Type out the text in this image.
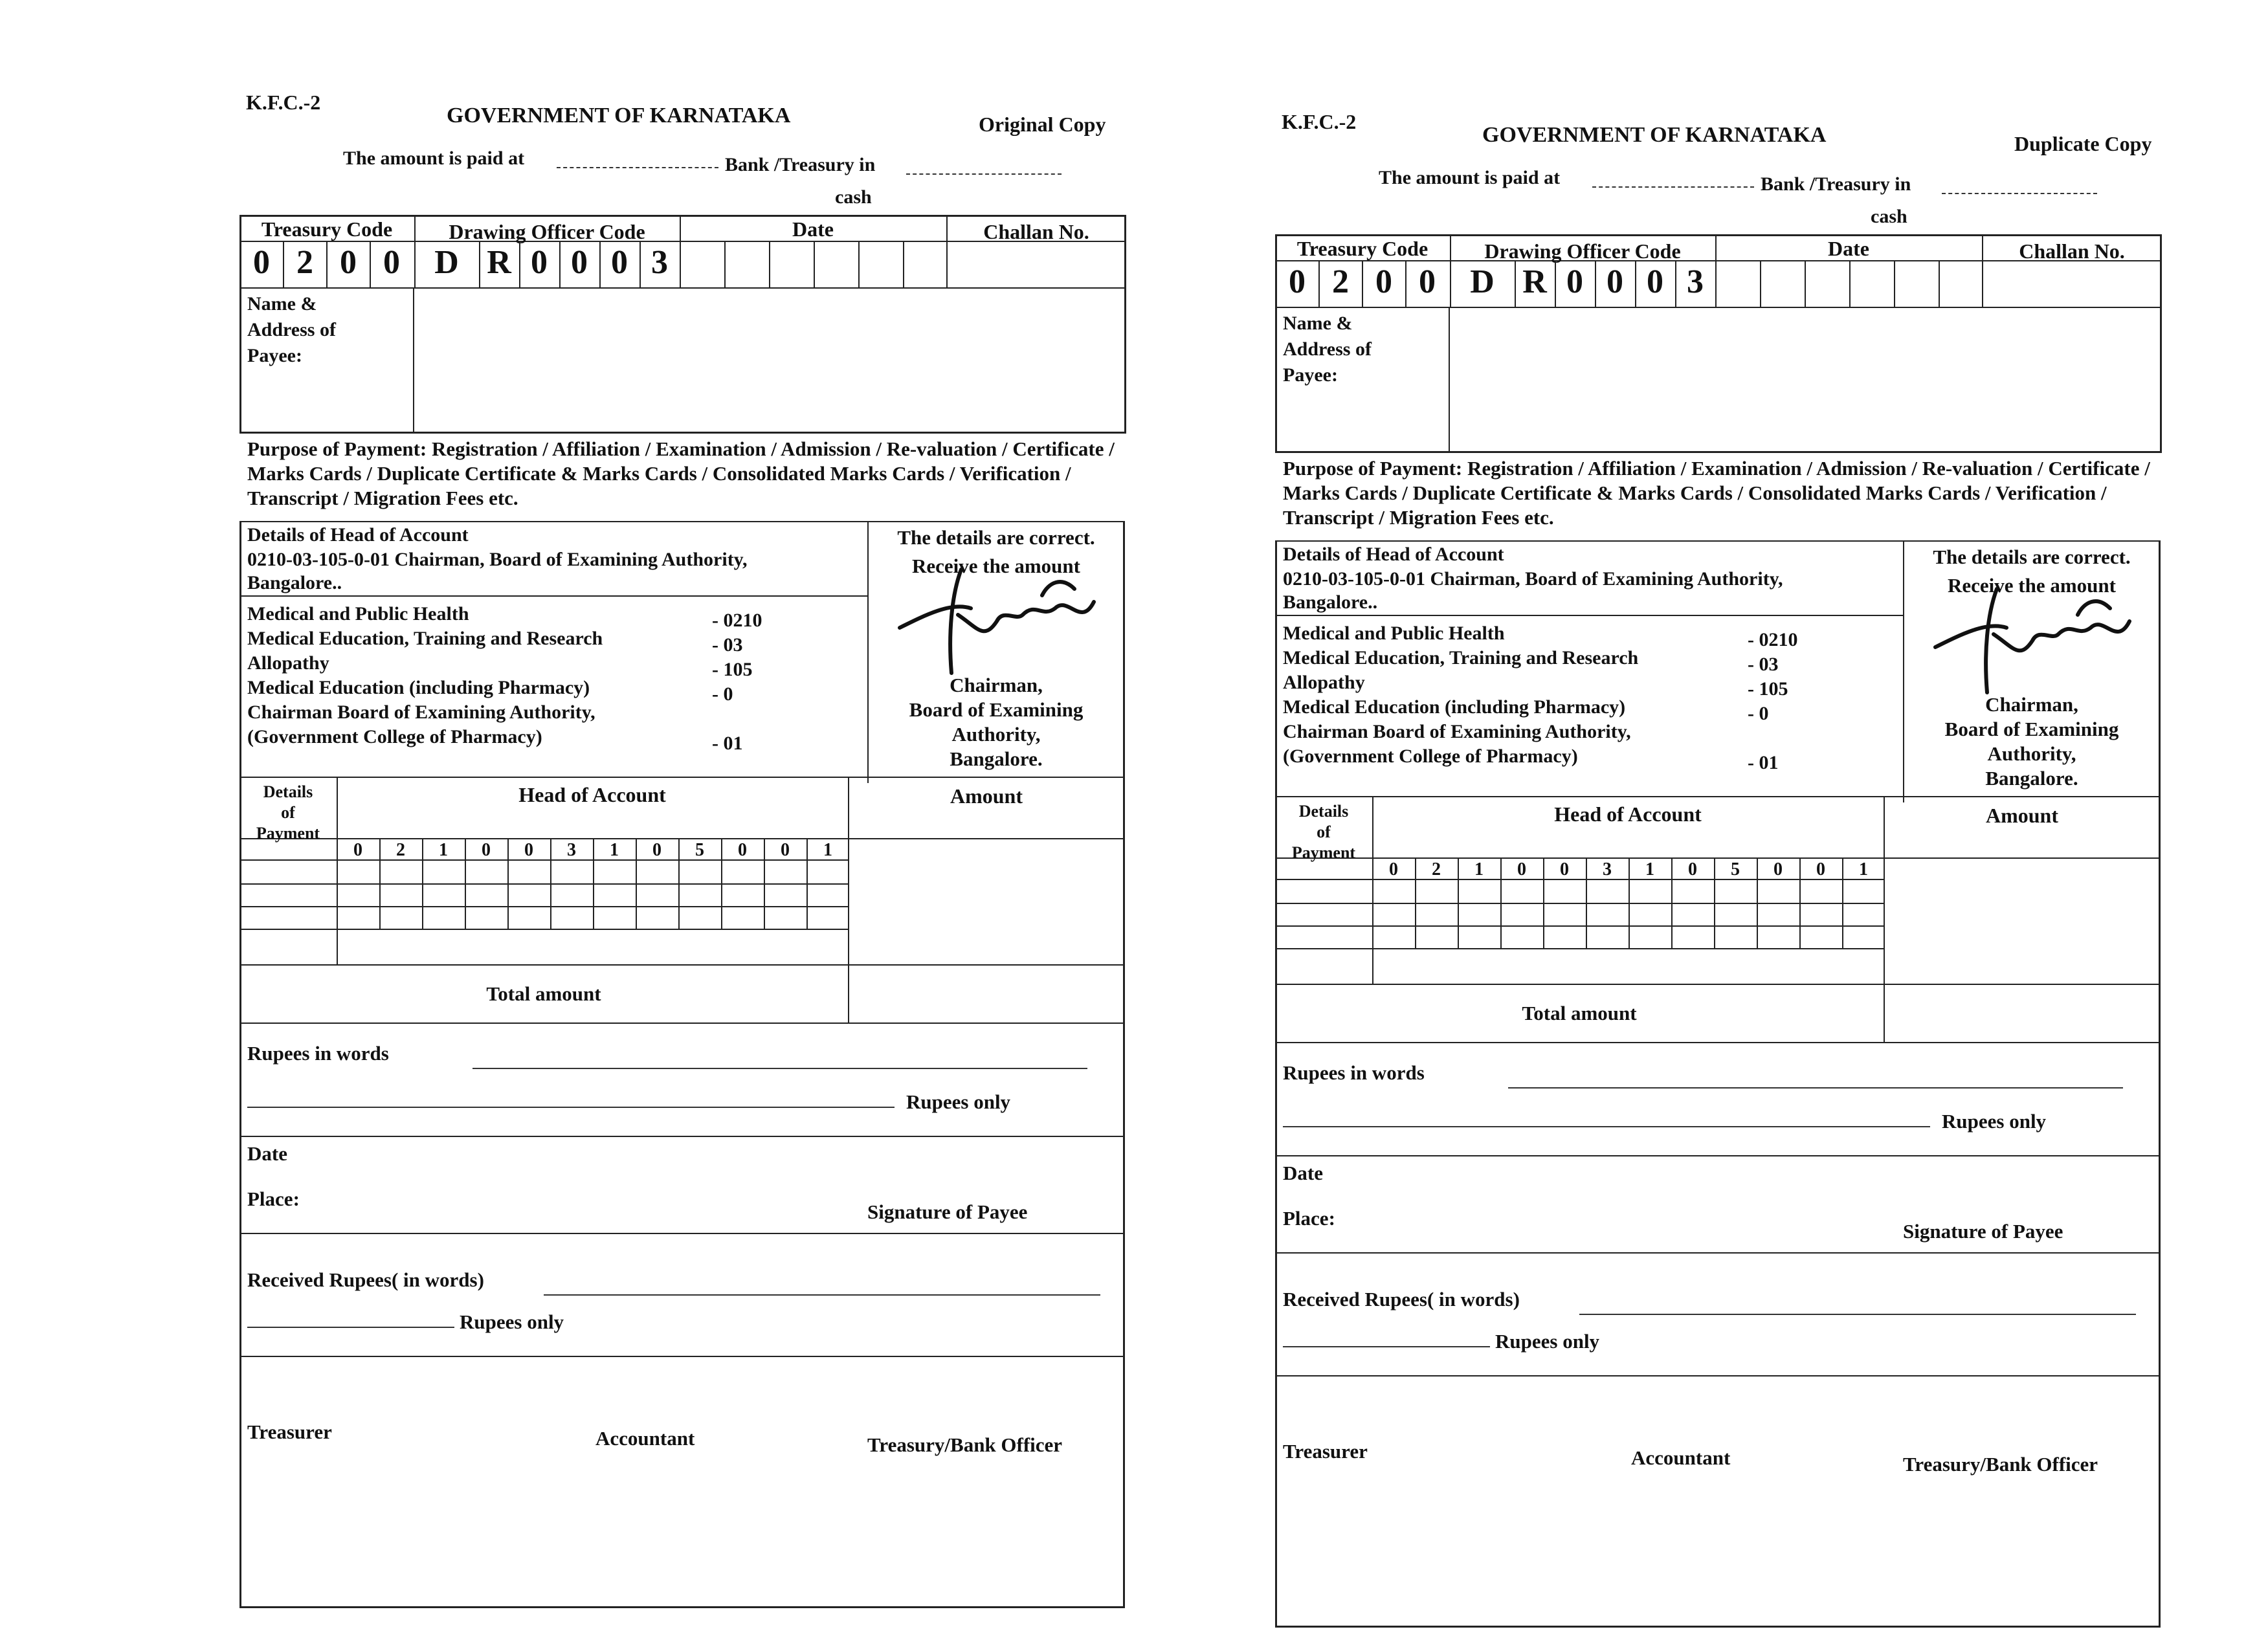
K.F.C.-2
GOVERNMENT OF KARNATAKA	Original Copy
The amount is paid at	Bank /Treasury in
cash
Treasury Code	Drawing Officer Code	Date	Challan No.
0 2 0 0	D R 0 0 0 3
Name &
Address of
Payee:
Purpose of Payment: Registration / Affiliation / Examination / Admission / Re-valuation / Certificate / Marks Cards / Duplicate Certificate & Marks Cards / Consolidated Marks Cards / Verification / Transcript / Migration Fees etc.
Details of Head of Account
0210-03-105-0-01 Chairman, Board of Examining Authority,
Bangalore..
Medical and Public Health	- 0210
Medical Education, Training and Research	- 03
Allopathy	- 105
Medical Education (including Pharmacy)	- 0
Chairman Board of Examining Authority,
(Government College of Pharmacy)	- 01
The details are correct.
Receive the amount
Chairman,
Board of Examining
Authority,
Bangalore.
Details
of
Payment
Head of Account	Amount
0	2	1	0	0	3	1	0	5	0	0	1
Total amount
Rupees in words
Rupees only
Date
Place:
Signature of Payee
Received Rupees( in words)
Rupees only
Treasurer	Accountant	Treasury/Bank Officer
K.F.C.-2
GOVERNMENT OF KARNATAKA	Duplicate Copy
The amount is paid at	Bank /Treasury in
cash
Treasury Code	Drawing Officer Code	Date	Challan No.
0 2 0 0	D R 0 0 0 3
Name &
Address of
Payee:
Purpose of Payment: Registration / Affiliation / Examination / Admission / Re-valuation / Certificate / Marks Cards / Duplicate Certificate & Marks Cards / Consolidated Marks Cards / Verification / Transcript / Migration Fees etc.
Details of Head of Account
0210-03-105-0-01 Chairman, Board of Examining Authority,
Bangalore..
Medical and Public Health	- 0210
Medical Education, Training and Research	- 03
Allopathy	- 105
Medical Education (including Pharmacy)	- 0
Chairman Board of Examining Authority,
(Government College of Pharmacy)	- 01
The details are correct.
Receive the amount
Chairman,
Board of Examining
Authority,
Bangalore.
Details
of
Payment
Head of Account	Amount
0	2	1	0	0	3	1	0	5	0	0	1
Total amount
Rupees in words
Rupees only
Date
Place:
Signature of Payee
Received Rupees( in words)
Rupees only
Treasurer	Accountant	Treasury/Bank Officer
